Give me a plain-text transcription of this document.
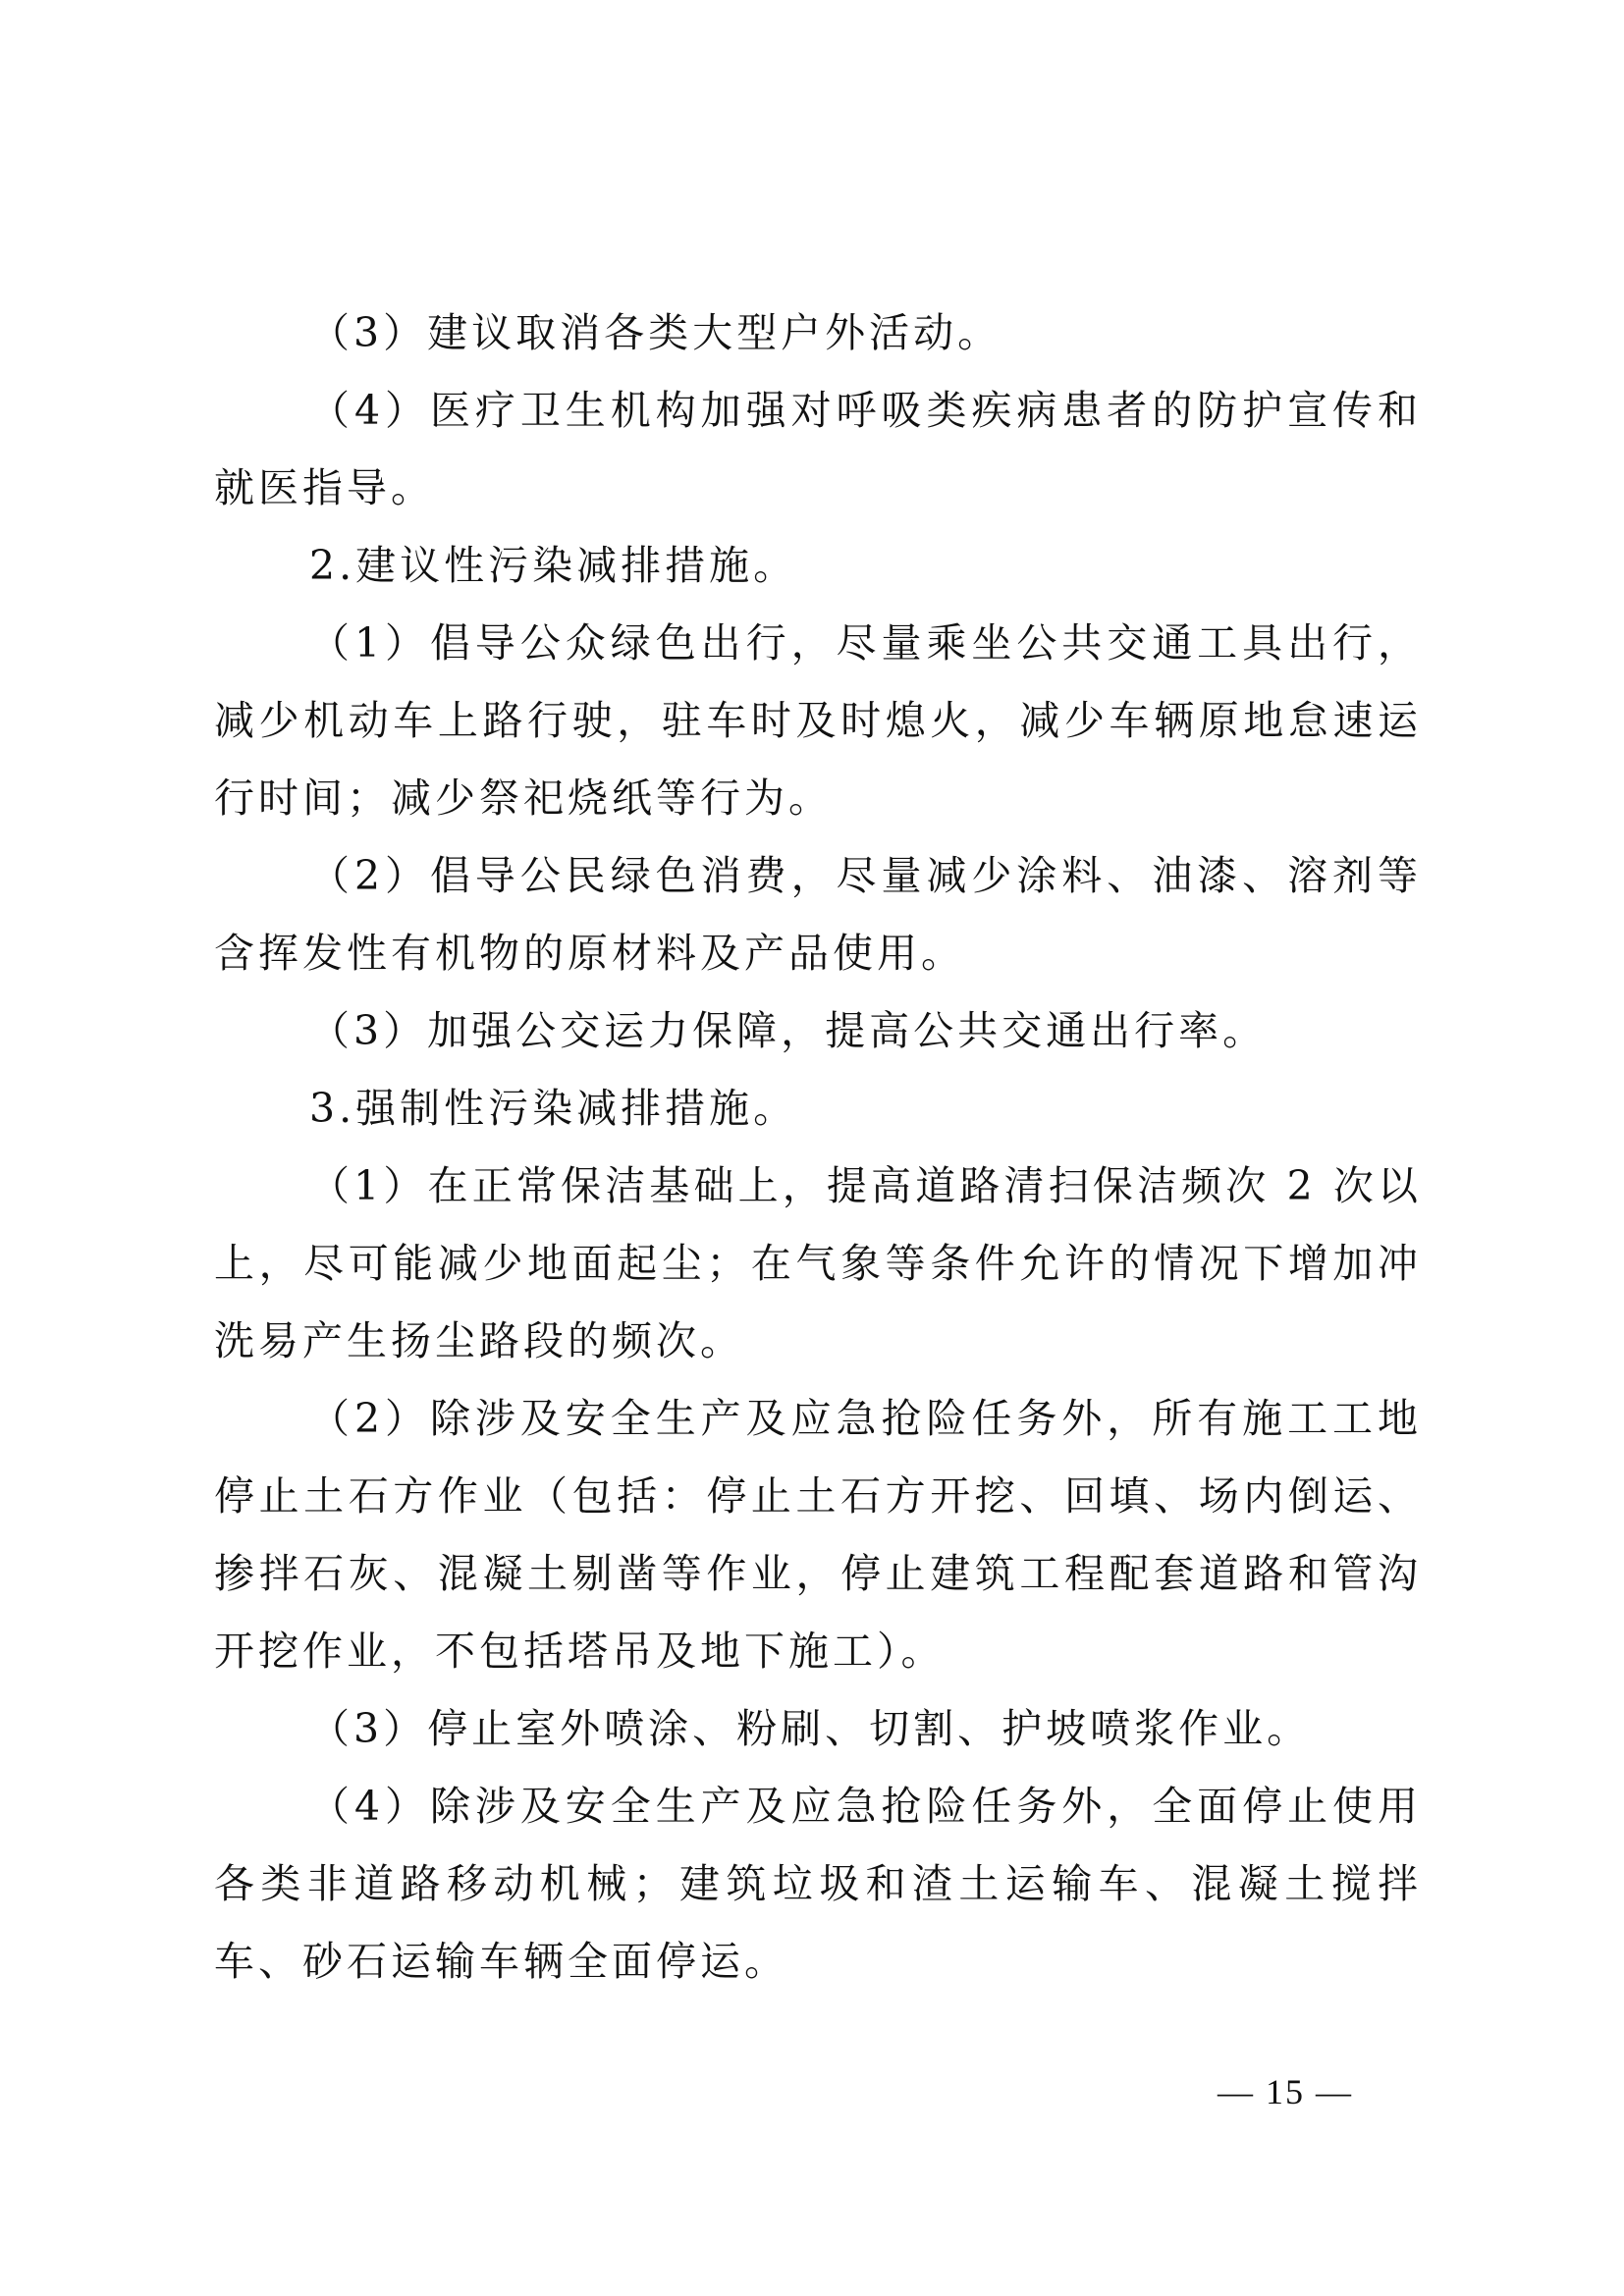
（3）建议取消各类大型户外活动。

（4）医疗卫生机构加强对呼吸类疾病患者的防护宣传和就医指导。

2.建议性污染减排措施。

（1）倡导公众绿色出行，尽量乘坐公共交通工具出行，减少机动车上路行驶，驻车时及时熄火，减少车辆原地怠速运行时间；减少祭祀烧纸等行为。

（2）倡导公民绿色消费，尽量减少涂料、油漆、溶剂等含挥发性有机物的原材料及产品使用。

（3）加强公交运力保障，提高公共交通出行率。

3.强制性污染减排措施。

（1）在正常保洁基础上，提高道路清扫保洁频次 2 次以上，尽可能减少地面起尘；在气象等条件允许的情况下增加冲洗易产生扬尘路段的频次。

（2）除涉及安全生产及应急抢险任务外，所有施工工地停止土石方作业（包括：停止土石方开挖、回填、场内倒运、掺拌石灰、混凝土剔凿等作业，停止建筑工程配套道路和管沟开挖作业，不包括塔吊及地下施工）。

（3）停止室外喷涂、粉刷、切割、护坡喷浆作业。

（4）除涉及安全生产及应急抢险任务外，全面停止使用各类非道路移动机械；建筑垃圾和渣土运输车、混凝土搅拌车、砂石运输车辆全面停运。

— 15 —
